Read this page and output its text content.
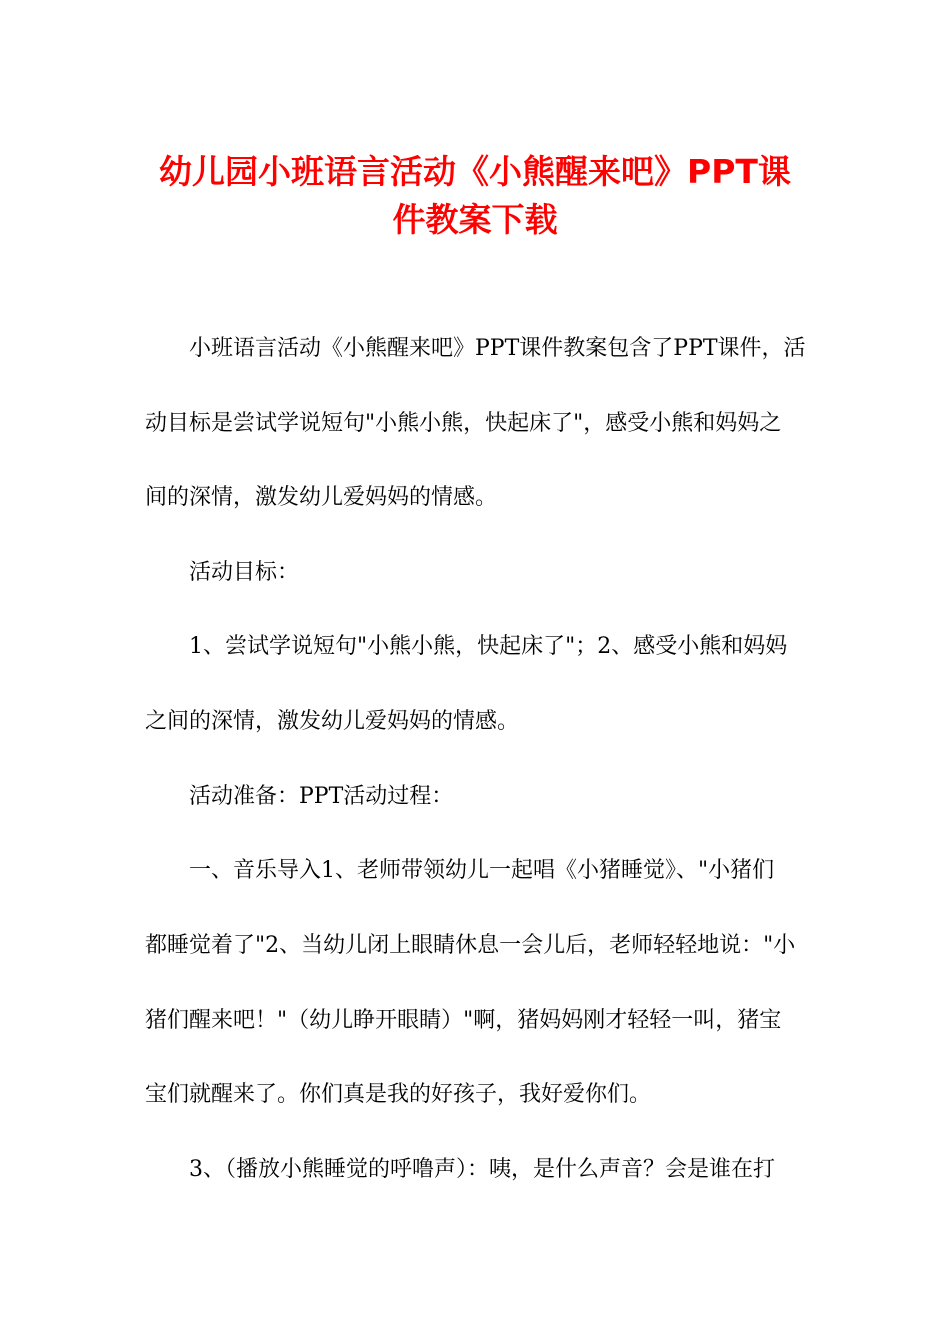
幼儿园小班语言活动《小熊醒来吧》PPT课
件教案下载
小班语言活动《小熊醒来吧》PPT课件教案包含了PPT课件，活
动目标是尝试学说短句"小熊小熊，快起床了"，感受小熊和妈妈之
间的深情，激发幼儿爱妈妈的情感。
活动目标：
1、尝试学说短句"小熊小熊，快起床了"；2、感受小熊和妈妈
之间的深情，激发幼儿爱妈妈的情感。
活动准备：PPT活动过程：
一、音乐导入1、老师带领幼儿一起唱《小猪睡觉》、"小猪们
都睡觉着了"2、当幼儿闭上眼睛休息一会儿后，老师轻轻地说："小
猪们醒来吧！"（幼儿睁开眼睛）"啊，猪妈妈刚才轻轻一叫，猪宝
宝们就醒来了。你们真是我的好孩子，我好爱你们。
3、（播放小熊睡觉的呼噜声）：咦，是什么声音？会是谁在打
